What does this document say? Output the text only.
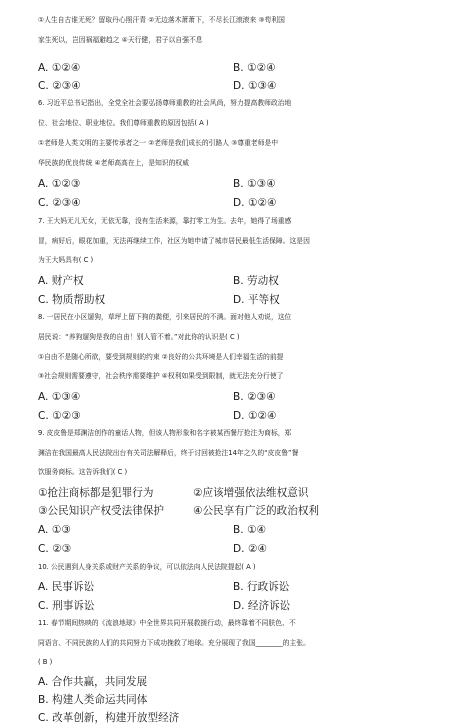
①人生自古谁无死？留取丹心照汗青 ②无边落木萧萧下，不尽长江滚滚来 ③苟利国
家生死以，岂因祸福避趋之 ④天行健，君子以自强不息
A. ①②④	B. ①②④
C. ②③④	D. ①③④
6. 习近平总书记指出，全党全社会要弘扬尊师重教的社会风尚，努力提高教师政治地
位、社会地位、职业地位。我们尊师重教的原因包括( A )
①老师是人类文明的主要传承者之一 ②老师是我们成长的引路人 ③尊重老师是中
华民族的优良传统 ④老师高高在上，是知识的权威
A. ①②③	B. ①③④
C. ②③④	D. ①②④
7. 王大妈无儿无女，无依无靠，没有生活来源，靠打零工为生。去年，她得了场重感
冒，病好后，眼花加重，无法再继续工作，社区为她申请了城市居民最低生活保障。这是因
为王大妈具有( C )
A. 财产权	B. 劳动权
C. 物质帮助权	D. 平等权
8. 一居民在小区遛狗，草坪上留下狗的粪便，引来居民的不满。面对他人劝说，这位
居民说：“养狗遛狗是我的自由！别人管不着。”对此你的认识是( C )
①自由不是随心所欲，要受到规则的约束 ②良好的公共环境是人们幸福生活的前提
③社会规则需要遵守，社会秩序需要维护 ④权利如果受到限制，就无法充分行使了
A. ①③④	B. ②③④
C. ①②③	D. ①②④
9. 皮皮鲁是郑渊洁创作的童话人物，但该人物形象和名字被某西餐厅抢注为商标，郑
渊洁在我国最高人民法院出台有关司法解释后，终于讨回被抢注14年之久的“皮皮鲁”餐
饮服务商标。这告诉我们( C )
①抢注商标都是犯罪行为	②应该增强依法维权意识
③公民知识产权受法律保护	④公民享有广泛的政治权利
A. ①③	B. ①④
C. ②③	D. ②④
10. 公民遇到人身关系或财产关系的争议，可以依法向人民法院提起( A )
A. 民事诉讼	B. 行政诉讼
C. 刑事诉讼	D. 经济诉讼
11. 春节期间热映的《流浪地球》中全世界共同开展救援行动，最终靠着不同肤色、不
同语言、不同民族的人们的共同努力下成功挽救了地球。充分展现了我国________的主张。
( B )
A. 合作共赢，共同发展
B. 构建人类命运共同体
C. 改革创新，构建开放型经济
